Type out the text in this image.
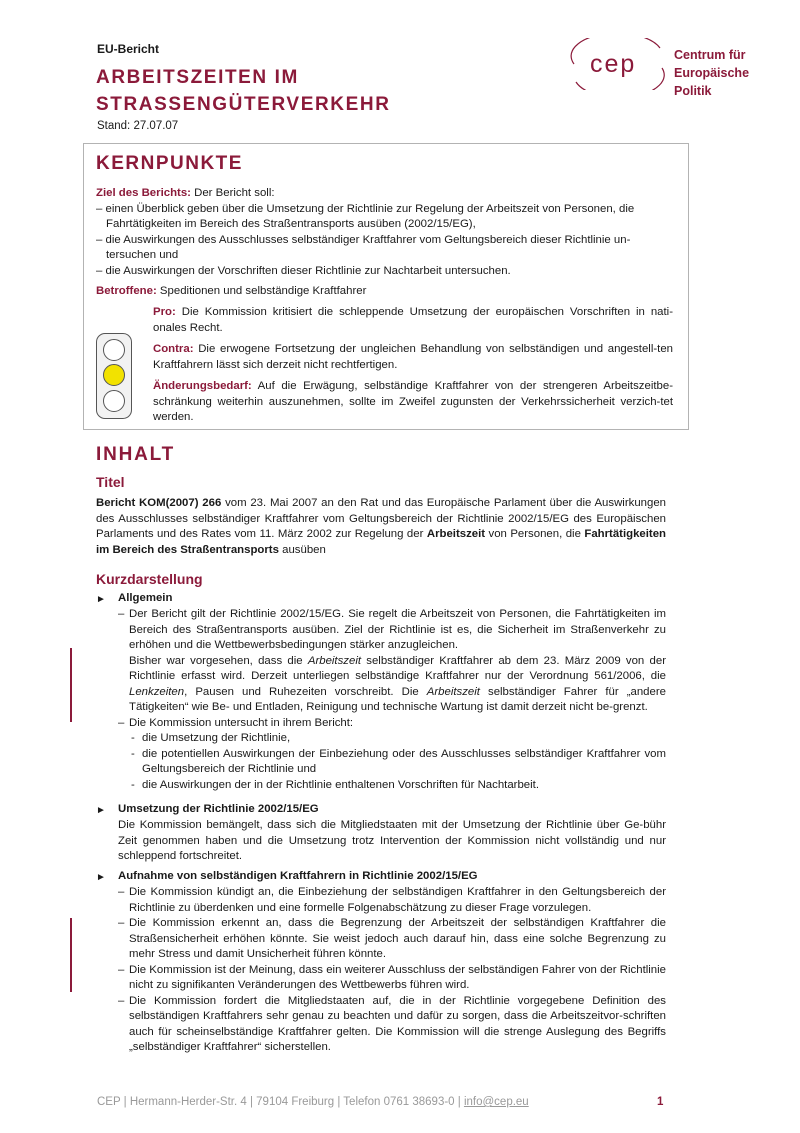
EU-Bericht
ARBEITSZEITEN IM
STRASSENGÜTERVERKEHR
Stand: 27.07.07
cep	Centrum für
Europäische
Politik
KERNPUNKTE
Ziel des Berichts: Der Bericht soll:
– einen Überblick geben über die Umsetzung der Richtlinie zur Regelung der Arbeitszeit von Personen, die
Fahrtätigkeiten im Bereich des Straßentransports ausüben (2002/15/EG),
– die Auswirkungen des Ausschlusses selbständiger Kraftfahrer vom Geltungsbereich dieser Richtlinie un-
tersuchen und
– die Auswirkungen der Vorschriften dieser Richtlinie zur Nachtarbeit untersuchen.
Betroffene: Speditionen und selbständige Kraftfahrer
Pro: Die Kommission kritisiert die schleppende Umsetzung der europäischen Vorschriften in nati-onales Recht.
Contra: Die erwogene Fortsetzung der ungleichen Behandlung von selbständigen und angestell-ten Kraftfahrern lässt sich derzeit nicht rechtfertigen.
Änderungsbedarf: Auf die Erwägung, selbständige Kraftfahrer von der strengeren Arbeitszeitbe-schränkung weiterhin auszunehmen, sollte im Zweifel zugunsten der Verkehrssicherheit verzich-tet werden.
INHALT
Titel
Bericht KOM(2007) 266 vom 23. Mai 2007 an den Rat und das Europäische Parlament über die Auswirkungen des Ausschlusses selbständiger Kraftfahrer vom Geltungsbereich der Richtlinie 2002/15/EG des Europäischen Parlaments und des Rates vom 11. März 2002 zur Regelung der Arbeitszeit von Personen, die Fahrtätigkeiten im Bereich des Straßentransports ausüben
Kurzdarstellung
► Allgemein
– Der Bericht gilt der Richtlinie 2002/15/EG. Sie regelt die Arbeitszeit von Personen, die Fahrtätigkeiten im Bereich des Straßentransports ausüben. Ziel der Richtlinie ist es, die Sicherheit im Straßenverkehr zu erhöhen und die Wettbewerbsbedingungen stärker anzugleichen.
Bisher war vorgesehen, dass die Arbeitszeit selbständiger Kraftfahrer ab dem 23. März 2009 von der Richtlinie erfasst wird. Derzeit unterliegen selbständige Kraftfahrer nur der Verordnung 561/2006, die Lenkzeiten, Pausen und Ruhezeiten vorschreibt. Die Arbeitszeit selbständiger Fahrer für „andere Tätigkeiten“ wie Be- und Entladen, Reinigung und technische Wartung ist damit derzeit nicht be-grenzt.
– Die Kommission untersucht in ihrem Bericht:
- die Umsetzung der Richtlinie,
- die potentiellen Auswirkungen der Einbeziehung oder des Ausschlusses selbständiger Kraftfahrer vom Geltungsbereich der Richtlinie und
- die Auswirkungen der in der Richtlinie enthaltenen Vorschriften für Nachtarbeit.
► Umsetzung der Richtlinie 2002/15/EG
Die Kommission bemängelt, dass sich die Mitgliedstaaten mit der Umsetzung der Richtlinie über Ge-bühr Zeit genommen haben und die Umsetzung trotz Intervention der Kommission nicht vollständig und nur schleppend fortschreitet.
► Aufnahme von selbständigen Kraftfahrern in Richtlinie 2002/15/EG
– Die Kommission kündigt an, die Einbeziehung der selbständigen Kraftfahrer in den Geltungsbereich der Richtlinie zu überdenken und eine formelle Folgenabschätzung zu dieser Frage vorzulegen.
– Die Kommission erkennt an, dass die Begrenzung der Arbeitszeit der selbständigen Kraftfahrer die Straßensicherheit erhöhen könnte. Sie weist jedoch auch darauf hin, dass eine solche Begrenzung zu mehr Stress und damit Unsicherheit führen könnte.
– Die Kommission ist der Meinung, dass ein weiterer Ausschluss der selbständigen Fahrer von der Richtlinie nicht zu signifikanten Veränderungen des Wettbewerbs führen wird.
– Die Kommission fordert die Mitgliedstaaten auf, die in der Richtlinie vorgegebene Definition des selbständigen Kraftfahrers sehr genau zu beachten und dafür zu sorgen, dass die Arbeitszeitvor-schriften auch für scheinselbständige Kraftfahrer gelten. Die Kommission will die strenge Auslegung des Begriffs „selbständiger Kraftfahrer“ sicherstellen.
CEP | Hermann-Herder-Str. 4 | 79104 Freiburg | Telefon 0761 38693-0 | info@cep.eu	1
